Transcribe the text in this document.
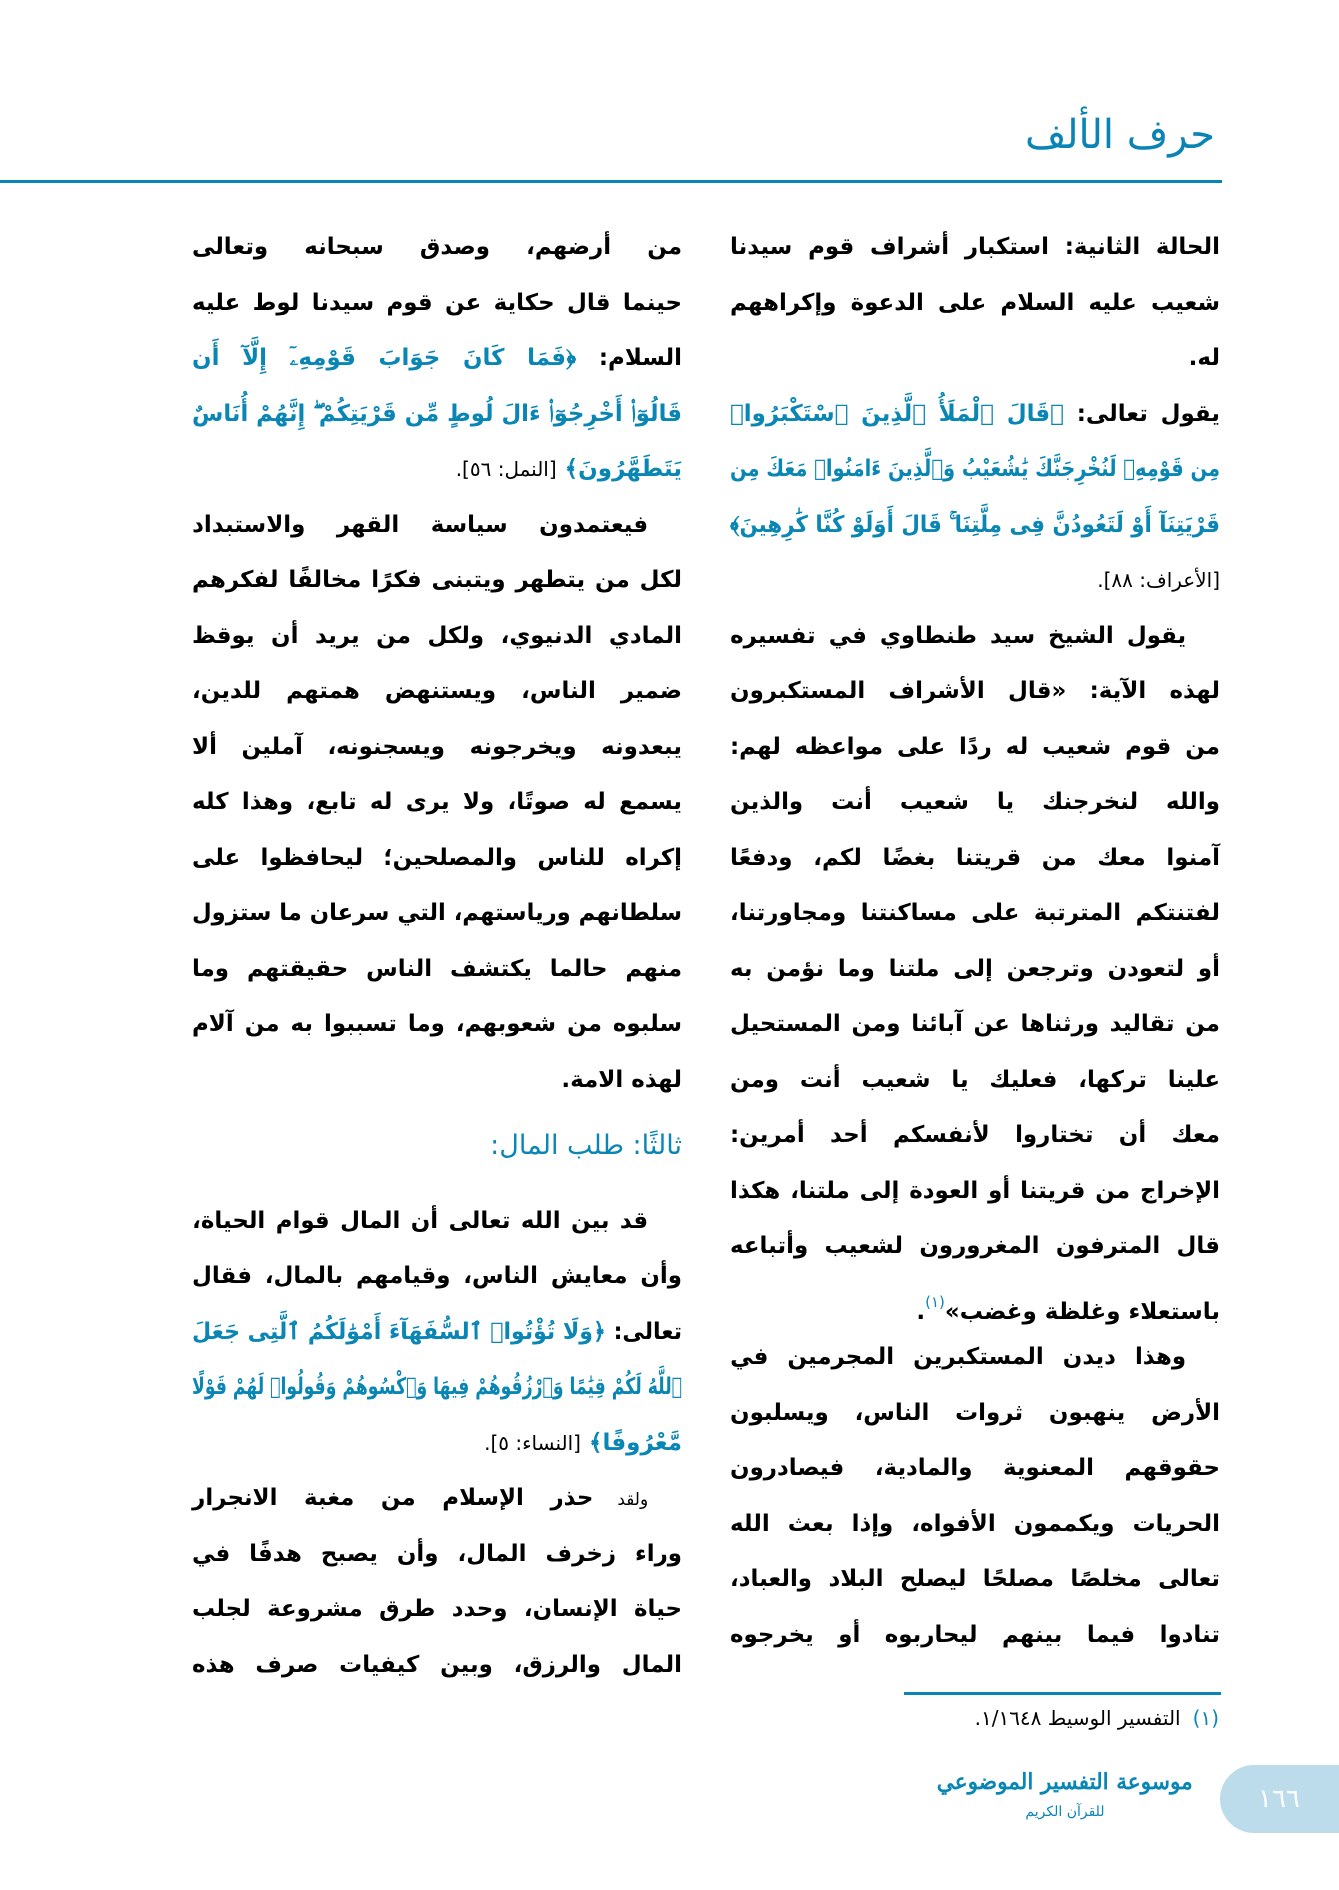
حرف الألف
الحالة الثانية: استكبار أشراف قوم سيدنا
شعيب عليه السلام على الدعوة وإكراههم
له.
يقول تعالى: ﴿قَالَ ٱلْمَلَأُ ٱلَّذِينَ ٱسْتَكْبَرُوا۟
مِن قَوْمِهِۦ لَنُخْرِجَنَّكَ يَٰشُعَيْبُ وَٱلَّذِينَ ءَامَنُوا۟ مَعَكَ مِن
قَرْيَتِنَآ أَوْ لَتَعُودُنَّ فِى مِلَّتِنَا ۚ قَالَ أَوَلَوْ كُنَّا كَٰرِهِينَ﴾
[الأعراف: ٨٨].
يقول الشيخ سيد طنطاوي في تفسيره
لهذه الآية: «قال الأشراف المستكبرون
من قوم شعيب له ردًا على مواعظه لهم:
والله لنخرجنك يا شعيب أنت والذين
آمنوا معك من قريتنا بغضًا لكم، ودفعًا
لفتنتكم المترتبة على مساكنتنا ومجاورتنا،
أو لتعودن وترجعن إلى ملتنا وما نؤمن به
من تقاليد ورثناها عن آبائنا ومن المستحيل
علينا تركها، فعليك يا شعيب أنت ومن
معك أن تختاروا لأنفسكم أحد أمرين:
الإخراج من قريتنا أو العودة إلى ملتنا، هكذا
قال المترفون المغرورون لشعيب وأتباعه
باستعلاء وغلظة وغضب»$^{(١)}$.
وهذا ديدن المستكبرين المجرمين في
الأرض ينهبون ثروات الناس، ويسلبون
حقوقهم المعنوية والمادية، فيصادرون
الحريات ويكممون الأفواه، وإذا بعث الله
تعالى مخلصًا مصلحًا ليصلح البلاد والعباد،
تنادوا فيما بينهم ليحاربوه أو يخرجوه
من أرضهم، وصدق سبحانه وتعالى
حينما قال حكاية عن قوم سيدنا لوط عليه
السلام: ﴿فَمَا كَانَ جَوَابَ قَوْمِهِۦٓ إِلَّآ أَن
قَالُوٓا۟ أَخْرِجُوٓا۟ ءَالَ لُوطٍ مِّن قَرْيَتِكُمْ ۖ إِنَّهُمْ أُنَاسٌ
يَتَطَهَّرُونَ﴾ [النمل: ٥٦].
فيعتمدون سياسة القهر والاستبداد
لكل من يتطهر ويتبنى فكرًا مخالفًا لفكرهم
المادي الدنيوي، ولكل من يريد أن يوقظ
ضمير الناس، ويستنهض همتهم للدين،
يبعدونه ويخرجونه ويسجنونه، آملين ألا
يسمع له صوتًا، ولا يرى له تابع، وهذا كله
إكراه للناس والمصلحين؛ ليحافظوا على
سلطانهم ورياستهم، التي سرعان ما ستزول
منهم حالما يكتشف الناس حقيقتهم وما
سلبوه من شعوبهم، وما تسببوا به من آلام
لهذه الامة.
ثالثًا: طلب المال:
قد بين الله تعالى أن المال قوام الحياة،
وأن معايش الناس، وقيامهم بالمال، فقال
تعالى: ﴿وَلَا تُؤْتُوا۟ ٱلسُّفَهَآءَ أَمْوَٰلَكُمُ ٱلَّتِى جَعَلَ
ٱللَّهُ لَكُمْ قِيَٰمًا وَٱرْزُقُوهُمْ فِيهَا وَٱكْسُوهُمْ وَقُولُوا۟ لَهُمْ قَوْلًا
مَّعْرُوفًا﴾ [النساء: ٥].
ولقد حذر الإسلام من مغبة الانجرار
وراء زخرف المال، وأن يصبح هدفًا في
حياة الإنسان، وحدد طرق مشروعة لجلب
المال والرزق، وبين كيفيات صرف هذه
(١)التفسير الوسيط ١/١٦٤٨.
موسوعة التفسير الموضوعي
للقرآن الكريم	١٦٦
